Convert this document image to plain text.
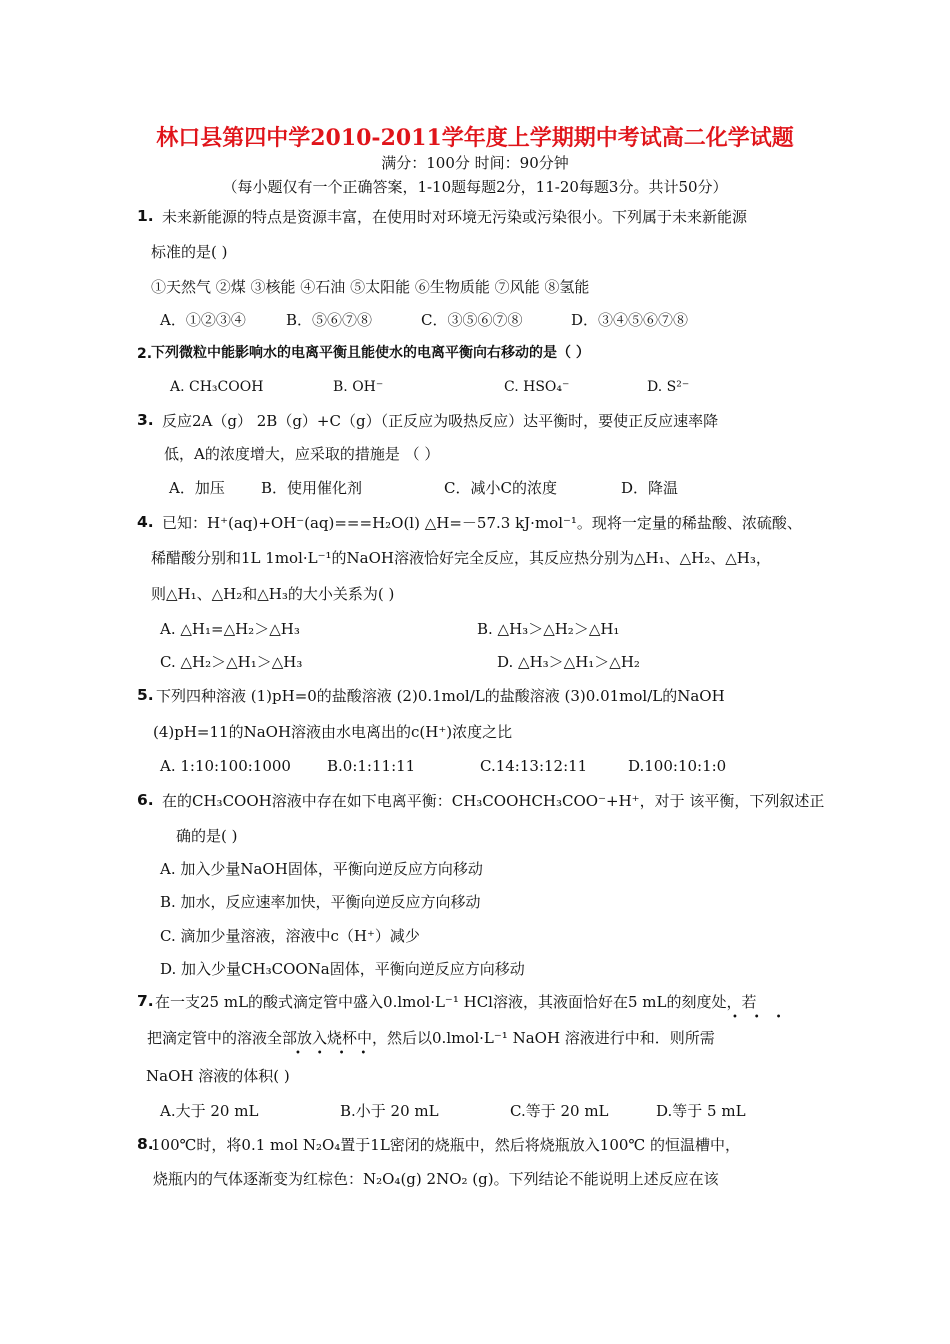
林口县第四中学2010-2011学年度上学期期中考试高二化学试题
满分：100分 时间：90分钟
（每小题仅有一个正确答案，1-10题每题2分，11-20每题3分。共计50分）
1. 未来新能源的特点是资源丰富，在使用时对环境无污染或污染很小。下列属于未来新能源
标准的是( )
①天然气 ②煤 ③核能 ④石油 ⑤太阳能 ⑥生物质能 ⑦风能 ⑧氢能
A．①②③④	B．⑤⑥⑦⑧	C．③⑤⑥⑦⑧	D．③④⑤⑥⑦⑧
2.
下列微粒中能影响水的电离平衡且能使水的电离平衡向右移动的是（ ）
A. CH₃COOH	B. OH⁻	C. HSO₄⁻	D. S²⁻
3. 反应2A（g） 2B（g）+C（g）（正反应为吸热反应）达平衡时，要使正反应速率降
低，A的浓度增大，应采取的措施是 （ ）
A．加压 B．使用催化剂	C．减小C的浓度	D．降温
4. 已知：H⁺(aq)+OH⁻(aq)===H₂O(l) △H=－57.3 kJ·mol⁻¹。现将一定量的稀盐酸、浓硫酸、
稀醋酸分别和1L 1mol·L⁻¹的NaOH溶液恰好完全反应，其反应热分别为△H₁、△H₂、△H₃，
则△H₁、△H₂和△H₃的大小关系为( )
A. △H₁=△H₂＞△H₃	B. △H₃＞△H₂＞△H₁
C. △H₂＞△H₁＞△H₃	D. △H₃＞△H₁＞△H₂
5. 下列四种溶液 (1)pH=0的盐酸溶液 (2)0.1mol/L的盐酸溶液 (3)0.01mol/L的NaOH
(4)pH=11的NaOH溶液由水电离出的c(H⁺)浓度之比
A. 1:10:100:1000 B.0:1:11:11	C.14:13:12:11	D.100:10:1:0
6. 在的CH₃COOH溶液中存在如下电离平衡：CH₃COOHCH₃COO⁻+H⁺，对于 该平衡，下列叙述正
确的是( )
A. 加入少量NaOH固体，平衡向逆反应方向移动
B. 加水，反应速率加快，平衡向逆反应方向移动
C. 滴加少量溶液，溶液中c（H⁺）减少
D. 加入少量CH₃COONa固体，平衡向逆反应方向移动
7. 在一支25 mL的酸式滴定管中盛入0.lmol·L⁻¹ HCl溶液，其液面恰好在5 mL的刻度处，若
•     •     •
把滴定管中的溶液全部放入烧杯中，然后以0.lmol·L⁻¹ NaOH 溶液进行中和．则所需
•     •     •     •
NaOH 溶液的体积( )
A.大于 20 mL	B.小于 20 mL	C.等于 20 mL	D.等于 5 mL
8.
100℃时，将0.1 mol N₂O₄置于1L密闭的烧瓶中，然后将烧瓶放入100℃ 的恒温槽中，
烧瓶内的气体逐渐变为红棕色：N₂O₄(g) 2NO₂ (g)。下列结论不能说明上述反应在该
